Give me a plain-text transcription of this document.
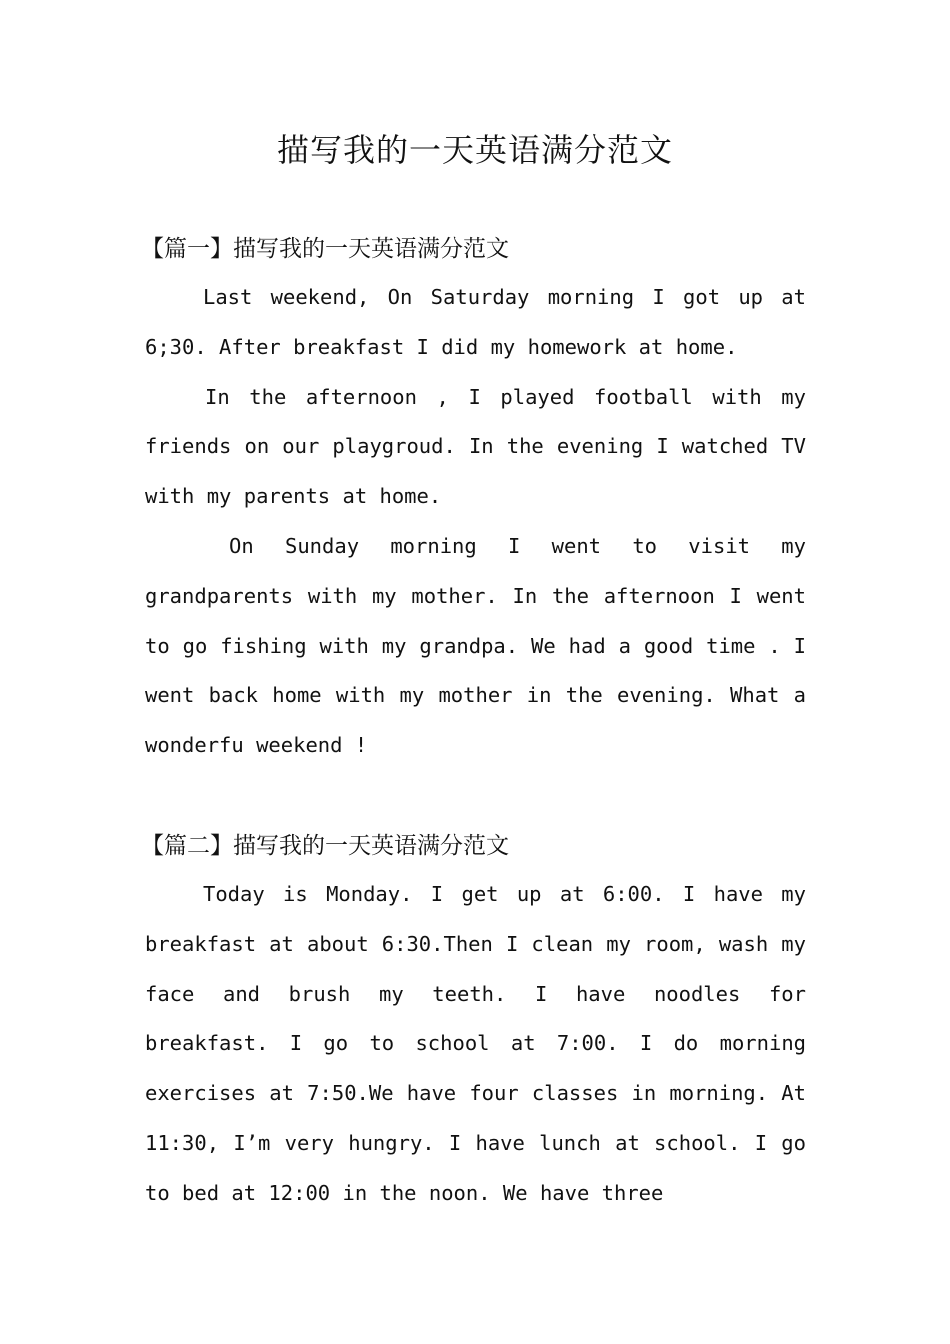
描写我的一天英语满分范文
【篇一】描写我的一天英语满分范文

Last weekend, On Saturday morning I got up at 6;30. After breakfast I did my homework at home.

In the afternoon , I played football with my friends on our playgroud. In the evening I watched TV with my parents at home.

On Sunday morning I went to visit my grandparents with my mother. In the afternoon I went to go fishing with my grandpa. We had a good time . I went back home with my mother in the evening. What a wonderfu weekend !

【篇二】描写我的一天英语满分范文

Today is Monday. I get up at 6:00. I have my breakfast at about 6:30.Then I clean my room, wash my face and brush my teeth. I have noodles for breakfast. I go to school at 7:00. I do morning exercises at 7:50.We have four classes in morning. At 11:30, I’m very hungry. I have lunch at school. I go to bed at 12:00 in the noon. We have three
